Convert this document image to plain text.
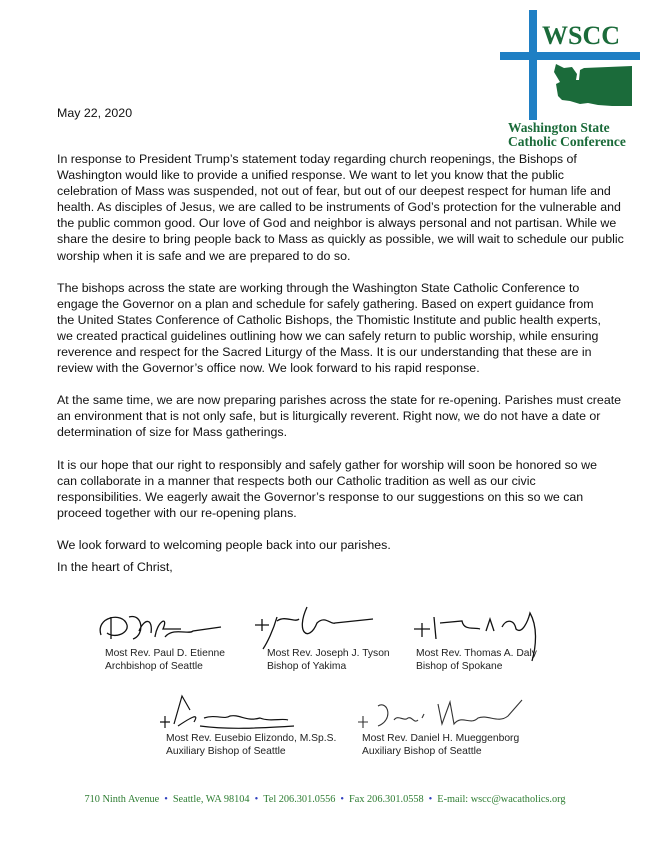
WSCC
Washington State
Catholic Conference
May 22, 2020

In response to President Trump’s statement today regarding church reopenings, the Bishops of
Washington would like to provide a unified response. We want to let you know that the public
celebration of Mass was suspended, not out of fear, but out of our deepest respect for human life and
health. As disciples of Jesus, we are called to be instruments of God’s protection for the vulnerable and
the public common good. Our love of God and neighbor is always personal and not partisan. While we
share the desire to bring people back to Mass as quickly as possible, we will wait to schedule our public
worship when it is safe and we are prepared to do so.

The bishops across the state are working through the Washington State Catholic Conference to
engage the Governor on a plan and schedule for safely gathering. Based on expert guidance from
the United States Conference of Catholic Bishops, the Thomistic Institute and public health experts,
we created practical guidelines outlining how we can safely return to public worship, while ensuring
reverence and respect for the Sacred Liturgy of the Mass. It is our understanding that these are in
review with the Governor’s office now. We look forward to his rapid response.

At the same time, we are now preparing parishes across the state for re-opening. Parishes must create
an environment that is not only safe, but is liturgically reverent. Right now, we do not have a date or
determination of size for Mass gatherings.

It is our hope that our right to responsibly and safely gather for worship will soon be honored so we
can collaborate in a manner that respects both our Catholic tradition as well as our civic
responsibilities. We eagerly await the Governor’s response to our suggestions on this so we can
proceed together with our re-opening plans.

We look forward to welcoming people back into our parishes.

In the heart of Christ,
Most Rev. Paul D. Etienne
Archbishop of Seattle
Most Rev. Joseph J. Tyson
Bishop of Yakima
Most Rev. Thomas A. Daly
Bishop of Spokane
Most Rev. Eusebio Elizondo, M.Sp.S.
Auxiliary Bishop of Seattle
Most Rev. Daniel H. Mueggenborg
Auxiliary Bishop of Seattle
710 Ninth Avenue • Seattle, WA 98104 • Tel 206.301.0556 • Fax 206.301.0558 • E-mail: wscc@wacatholics.org
